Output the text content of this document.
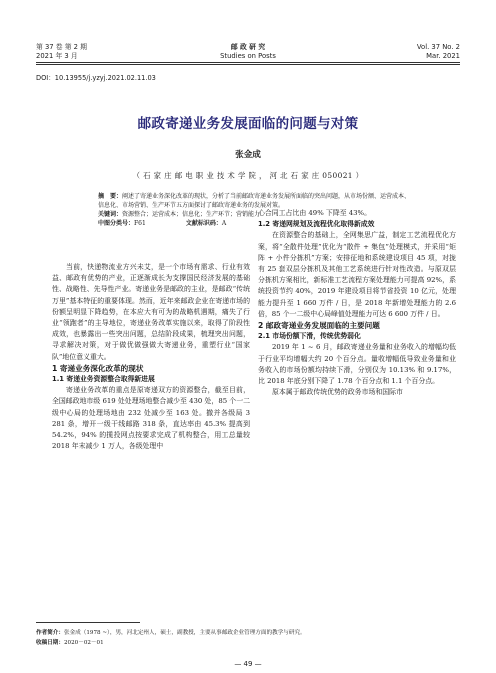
第 37 卷 第 2 期
2021 年 3 月
邮 政 研 究
Studies on Posts
Vol. 37 No. 2
Mar. 2021
DOI：10.13955/j.yzyj.2021.02.11.03
邮政寄递业务发展面临的问题与对策
张金成
（ 石 家 庄 邮 电 职 业 技 术 学 院 ， 河 北 石 家 庄 050021 ）

摘　要：阐述了寄递业务深化改革的现状，分析了当前邮政寄递业务发展所面临的突出问题，从市场份额、运营成本、信息化、市场营销、生产环节五方面探讨了邮政寄递业务的发展对策。

关键词：资源整合；运营成本；信息化；生产环节；营销能力

中图分类号：F61	文献标识码：A

当前，快递物流业方兴未艾，是一个市场有需求、行业有效益、邮政有优势的产业，正逐渐成长为支撑国民经济发展的基础性、战略性、先导性产业。寄递业务是邮政的主业，是邮政“传统万里”基本特征的重要体现。然而，近年来邮政企业在寄递市场的份额呈明显下降趋势，在本应大有可为的战略机遇期，痛失了行业“领跑者”的主导地位，寄递业务改革实施以来，取得了阶段性成效，也暴露出一些突出问题，总结阶段成果，梳理突出问题，寻求解决对策，对于做优做强做大寄递业务，重塑行业“国家队”地位意义重大。

1 寄递业务深化改革的现状

1.1 寄递业务资源整合取得新进展

寄递业务改革的重点是原寄递双方的资源整合，截至目前，全国邮政地市级 619 处处理场地整合减少至 430 处，85 个一二级中心局的处理场地由 232 处减少至 163 处。撤并各级局 3 281 条，增开一级干线邮路 318 条，直达率由 45.3% 提高到 54.2%，94% 的揽投网点按要求完成了机构整合，用工总量较 2018 年末减少 1 万人，各级处理中

心合同工占比由 49% 下降至 43%。

1.2 寄递网规划及流程优化取得新成效

在资源整合的基础上，全网集思广益，制定工艺流程优化方案，将“全散件处理”优化为“散件 + 集包”处理模式，并采用“矩阵 + 小件分拣机”方案；安排征地和系统建设项目 45 项，对拢有 25 套双层分拣机及其他工艺系统进行针对性改造。与原双层分拣机方案相比，新标准工艺流程方案处理能力可提高 92%，系统投资节约 40%，2019 年建设项目将节省投资 10 亿元，处理能力提升至 1 660 万件 / 日，是 2018 年新增处理能力的 2.6 倍，85 个一二级中心局峰值处理能力可达 6 600 万件 / 日。

2 邮政寄递业务发展面临的主要问题

2.1 市场份额下滑，传统优势弱化

2019 年 1 ~ 6 月，邮政寄递业务量和业务收入的增幅均低于行业平均增幅大约 20 个百分点。量收增幅低导致业务量和业务收入的市场份额均持续下滑，分别仅为 10.13% 和 9.17%，比 2018 年底分别下降了 1.78 个百分点和 1.1 个百分点。

原本属于邮政传统优势的政务市场和国际市

作者简介：张金成（1978 ~），男，河北定州人，硕士，副教授，主要从事邮政企业管理方面的教学与研究。
收稿日期：2020－02－01
— 49 —
